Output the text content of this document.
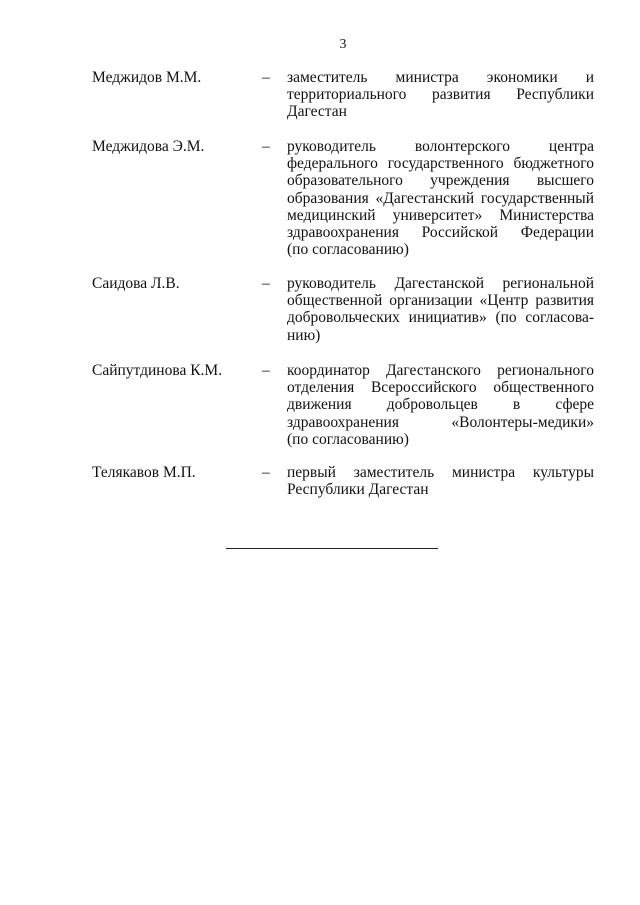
3
Меджидов М.М.	– заместитель министра экономики и
территориального развития Республики
Дагестан

Меджидова Э.М.	– руководитель волонтерского центра
федерального государственного бюджетного
образовательного учреждения высшего
образования «Дагестанский государственный
медицинский университет» Министерства
здравоохранения Российской Федерации
(по согласованию)

Саидова Л.В.	– руководитель Дагестанской региональной
общественной организации «Центр развития
добровольческих инициатив» (по согласова-
нию)

Сайпутдинова К.М.	– координатор Дагестанского регионального
отделения Всероссийского общественного
движения добровольцев в сфере
здравоохранения «Волонтеры-медики»
(по согласованию)

Телякавов М.П.	– первый заместитель министра культуры
Республики Дагестан
